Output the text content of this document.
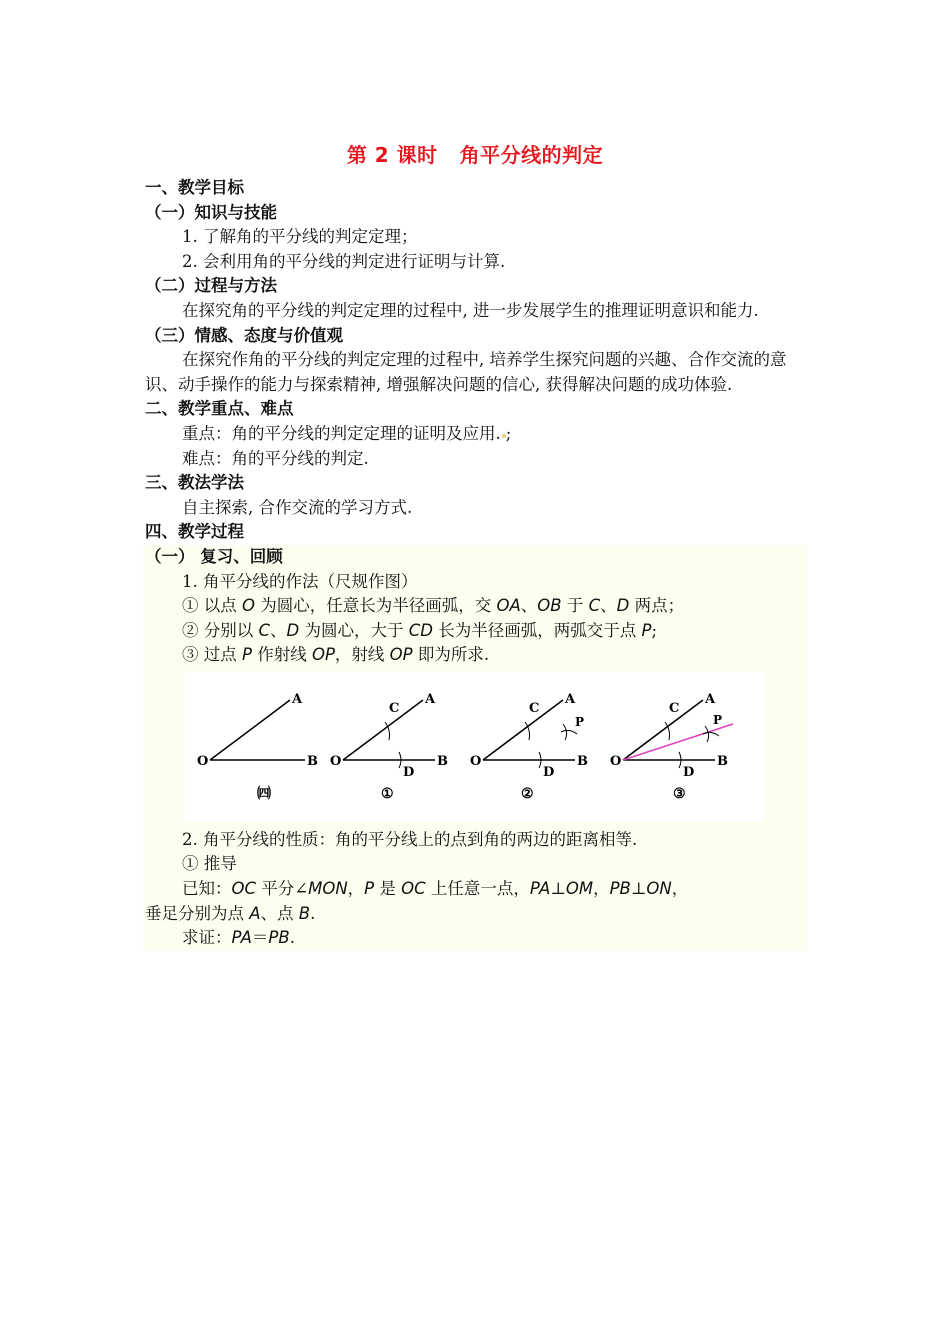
第 2 课时 角平分线的判定

一、教学目标

（一）知识与技能

1. 了解角的平分线的判定定理；

2. 会利用角的平分线的判定进行证明与计算.

（二）过程与方法

在探究角的平分线的判定定理的过程中, 进一步发展学生的推理证明意识和能力.

（三）情感、态度与价值观

在探究作角的平分线的判定定理的过程中, 培养学生探究问题的兴趣、合作交流的意识、动手操作的能力与探索精神, 增强解决问题的信心, 获得解决问题的成功体验.

二、教学重点、难点

重点：角的平分线的判定定理的证明及应用. ;

难点：角的平分线的判定.

三、教法学法

自主探索, 合作交流的学习方式.

四、教学过程

（一） 复习、回顾

1. 角平分线的作法（尺规作图）

① 以点 O 为圆心，任意长为半径画弧，交 OA、OB 于 C、D 两点；

② 分别以 C、D 为圆心，大于 CD 长为半径画弧，两弧交于点 P;

③ 过点 P 作射线 OP，射线 OP 即为所求.

O
A
B
㈣
O
A
B
C
D
①
O
A
B
C
D
P
②
O
A
B
C
D
P
③

2. 角平分线的性质：角的平分线上的点到角的两边的距离相等.

① 推导

已知：OC 平分∠MON，P 是 OC 上任意一点，PA⊥OM，PB⊥ON，

垂足分别为点 A、点 B.

求证：PA＝PB.
